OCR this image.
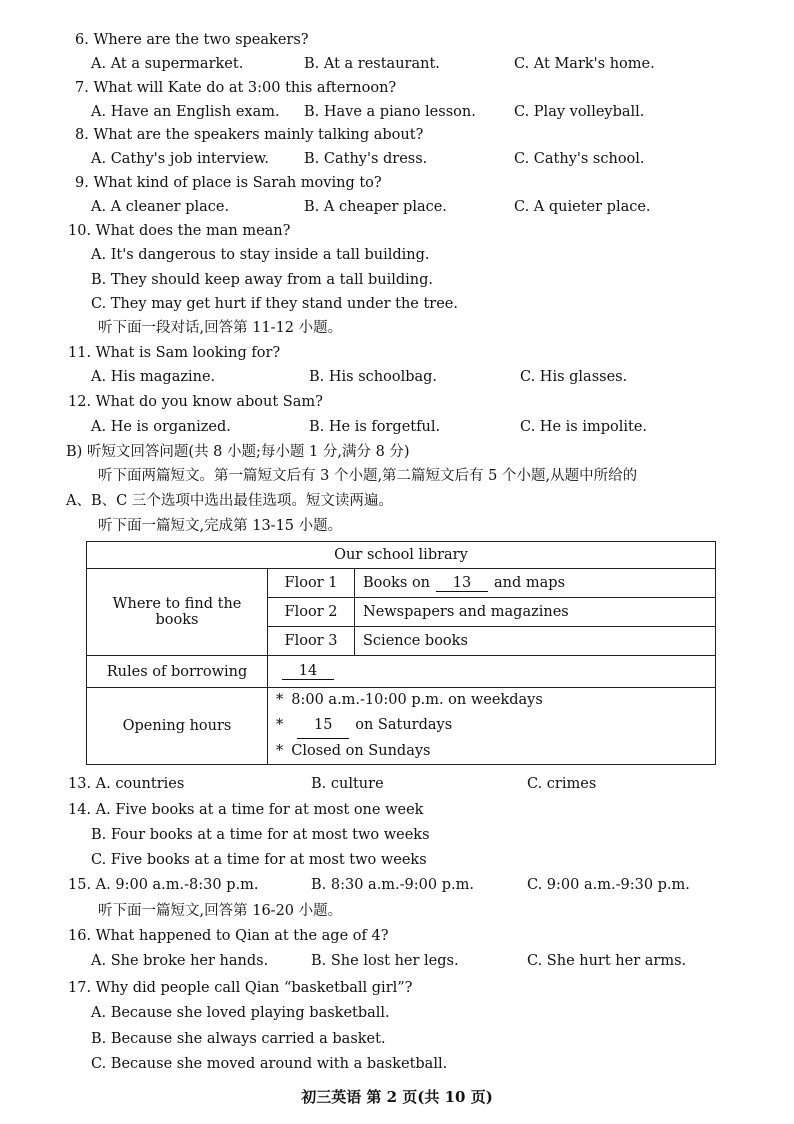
6. Where are the two speakers?
A. At a supermarket.	B. At a restaurant.	C. At Mark's home.
7. What will Kate do at 3:00 this afternoon?
A. Have an English exam. B. Have a piano lesson.	C. Play volleyball.
8. What are the speakers mainly talking about?
A. Cathy's job interview. B. Cathy's dress.	C. Cathy's school.
9. What kind of place is Sarah moving to?
A. A cleaner place.	B. A cheaper place.	C. A quieter place.
10. What does the man mean?
A. It's dangerous to stay inside a tall building.
B. They should keep away from a tall building.
C. They may get hurt if they stand under the tree.
听下面一段对话,回答第 11-12 小题。
11. What is Sam looking for?
A. His magazine.	B. His schoolbag.	C. His glasses.
12. What do you know about Sam?
A. He is organized.	B. He is forgetful.	C. He is impolite.
B) 听短文回答问题(共 8 小题;每小题 1 分,满分 8 分)
听下面两篇短文。第一篇短文后有 3 个小题,第二篇短文后有 5 个小题,从题中所给的
A、B、C 三个选项中选出最佳选项。短文读两遍。
听下面一篇短文,完成第 13-15 小题。
Our school library		
Where to find the books	Floor 1	Books on 13 and maps
	Floor 2	Newspapers and magazines
	Floor 3	Science books
Rules of borrowing	14	
Opening hours	* 8:00 a.m.-10:00 p.m. on weekdays
* 15 on Saturdays
* Closed on Sundays	
13. A. countries	B. culture	C. crimes
14. A. Five books at a time for at most one week
B. Four books at a time for at most two weeks
C. Five books at a time for at most two weeks
15. A. 9:00 a.m.-8:30 p.m.	B. 8:30 a.m.-9:00 p.m.	C. 9:00 a.m.-9:30 p.m.
听下面一篇短文,回答第 16-20 小题。
16. What happened to Qian at the age of 4?
A. She broke her hands.	B. She lost her legs.	C. She hurt her arms.
17. Why did people call Qian “basketball girl”?
A. Because she loved playing basketball.
B. Because she always carried a basket.
C. Because she moved around with a basketball.
初三英语 第 2 页(共 10 页)
